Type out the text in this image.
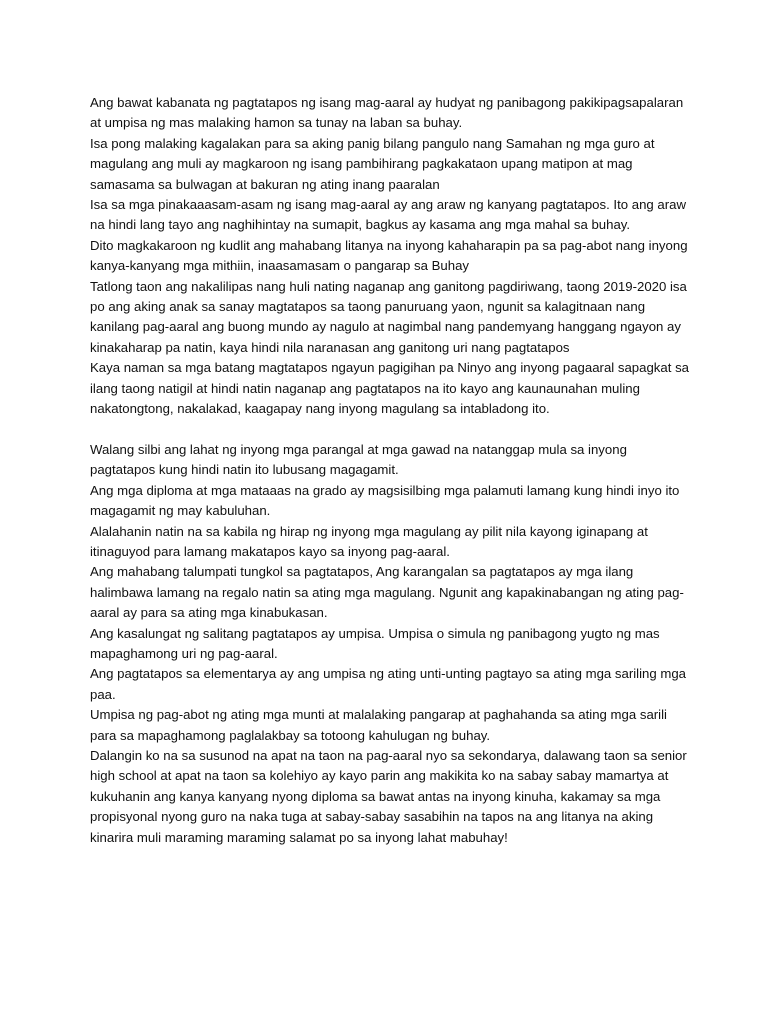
Ang bawat kabanata ng pagtatapos ng isang mag-aaral ay hudyat ng panibagong pakikipagsapalaran at umpisa ng mas malaking hamon sa tunay na laban sa buhay.

Isa pong malaking kagalakan para sa aking panig bilang pangulo nang Samahan ng mga guro at magulang ang muli ay magkaroon ng isang pambihirang pagkakataon upang matipon at mag samasama sa bulwagan at bakuran ng ating inang paaralan

Isa sa mga pinakaaasam-asam ng isang mag-aaral ay ang araw ng kanyang pagtatapos. Ito ang araw na hindi lang tayo ang naghihintay na sumapit, bagkus ay kasama ang mga mahal sa buhay.

Dito magkakaroon ng kudlit ang mahabang litanya na inyong kahaharapin pa sa pag-abot nang inyong kanya-kanyang mga mithiin, inaasamasam o pangarap sa Buhay

Tatlong taon ang nakalilipas nang huli nating naganap ang ganitong pagdiriwang, taong 2019-2020 isa po ang aking anak sa sanay magtatapos sa taong panuruang yaon, ngunit sa kalagitnaan nang kanilang pag-aaral ang buong mundo ay nagulo at nagimbal nang pandemyang hanggang ngayon ay kinakaharap pa natin, kaya hindi nila naranasan ang ganitong uri nang pagtatapos

Kaya naman sa mga batang magtatapos ngayun pagigihan pa Ninyo ang inyong pagaaral sapagkat sa ilang taong natigil at hindi natin naganap ang pagtatapos na ito kayo ang kaunaunahan muling nakatongtong, nakalakad, kaagapay nang inyong magulang sa intabladong ito.

Walang silbi ang lahat ng inyong mga parangal at mga gawad na natanggap mula sa inyong pagtatapos kung hindi natin ito lubusang magagamit.

Ang mga diploma at mga mataaas na grado ay magsisilbing mga palamuti lamang kung hindi inyo ito magagamit ng may kabuluhan.

Alalahanin natin na sa kabila ng hirap ng inyong mga magulang ay pilit nila kayong iginapang at itinaguyod para lamang makatapos kayo sa inyong pag-aaral.

Ang mahabang talumpati tungkol sa pagtatapos, Ang karangalan sa pagtatapos ay mga ilang halimbawa lamang na regalo natin sa ating mga magulang. Ngunit ang kapakinabangan ng ating pag-aaral ay para sa ating mga kinabukasan.

Ang kasalungat ng salitang pagtatapos ay umpisa. Umpisa o simula ng panibagong yugto ng mas mapaghamong uri ng pag-aaral.

Ang pagtatapos sa elementarya ay ang umpisa ng ating unti-unting pagtayo sa ating mga sariling mga paa.

Umpisa ng pag-abot ng ating mga munti at malalaking pangarap at paghahanda sa ating mga sarili para sa mapaghamong paglalakbay sa totoong kahulugan ng buhay.

Dalangin ko na sa susunod na apat na taon na pag-aaral nyo sa sekondarya, dalawang taon sa senior high school at apat na taon sa kolehiyo ay kayo parin ang makikita ko na sabay sabay mamartya at kukuhanin ang kanya kanyang nyong diploma sa bawat antas na inyong kinuha, kakamay sa mga propisyonal nyong guro na naka tuga at sabay-sabay sasabihin na tapos na ang litanya na aking kinarira muli maraming maraming salamat po sa inyong lahat mabuhay!
